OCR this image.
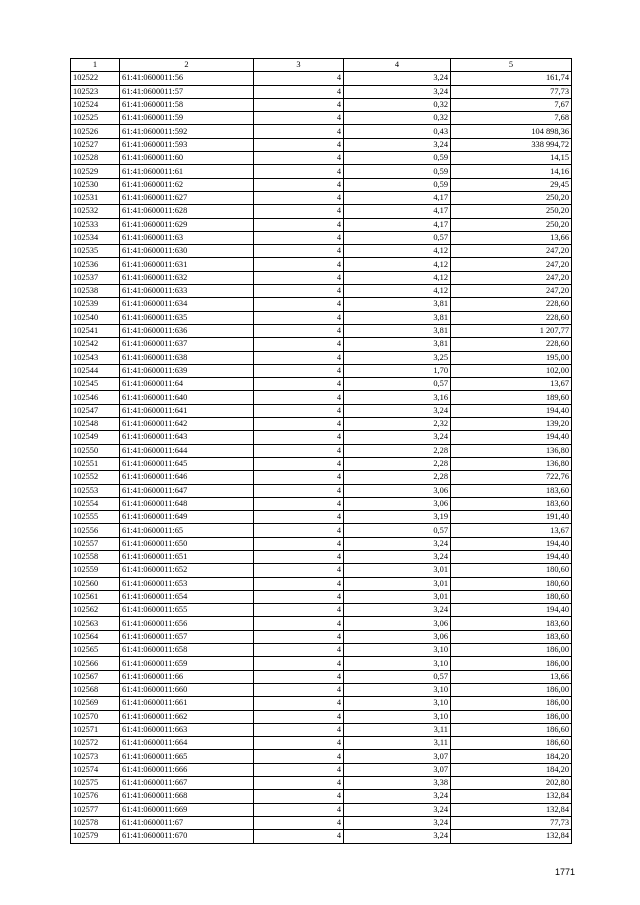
1	2	3	4	5
102522	61:41:0600011:56	4	3,24	161,74
102523	61:41:0600011:57	4	3,24	77,73
102524	61:41:0600011:58	4	0,32	7,67
102525	61:41:0600011:59	4	0,32	7,68
102526	61:41:0600011:592	4	0,43	104 898,36
102527	61:41:0600011:593	4	3,24	338 994,72
102528	61:41:0600011:60	4	0,59	14,15
102529	61:41:0600011:61	4	0,59	14,16
102530	61:41:0600011:62	4	0,59	29,45
102531	61:41:0600011:627	4	4,17	250,20
102532	61:41:0600011:628	4	4,17	250,20
102533	61:41:0600011:629	4	4,17	250,20
102534	61:41:0600011:63	4	0,57	13,66
102535	61:41:0600011:630	4	4,12	247,20
102536	61:41:0600011:631	4	4,12	247,20
102537	61:41:0600011:632	4	4,12	247,20
102538	61:41:0600011:633	4	4,12	247,20
102539	61:41:0600011:634	4	3,81	228,60
102540	61:41:0600011:635	4	3,81	228,60
102541	61:41:0600011:636	4	3,81	1 207,77
102542	61:41:0600011:637	4	3,81	228,60
102543	61:41:0600011:638	4	3,25	195,00
102544	61:41:0600011:639	4	1,70	102,00
102545	61:41:0600011:64	4	0,57	13,67
102546	61:41:0600011:640	4	3,16	189,60
102547	61:41:0600011:641	4	3,24	194,40
102548	61:41:0600011:642	4	2,32	139,20
102549	61:41:0600011:643	4	3,24	194,40
102550	61:41:0600011:644	4	2,28	136,80
102551	61:41:0600011:645	4	2,28	136,80
102552	61:41:0600011:646	4	2,28	722,76
102553	61:41:0600011:647	4	3,06	183,60
102554	61:41:0600011:648	4	3,06	183,60
102555	61:41:0600011:649	4	3,19	191,40
102556	61:41:0600011:65	4	0,57	13,67
102557	61:41:0600011:650	4	3,24	194,40
102558	61:41:0600011:651	4	3,24	194,40
102559	61:41:0600011:652	4	3,01	180,60
102560	61:41:0600011:653	4	3,01	180,60
102561	61:41:0600011:654	4	3,01	180,60
102562	61:41:0600011:655	4	3,24	194,40
102563	61:41:0600011:656	4	3,06	183,60
102564	61:41:0600011:657	4	3,06	183,60
102565	61:41:0600011:658	4	3,10	186,00
102566	61:41:0600011:659	4	3,10	186,00
102567	61:41:0600011:66	4	0,57	13,66
102568	61:41:0600011:660	4	3,10	186,00
102569	61:41:0600011:661	4	3,10	186,00
102570	61:41:0600011:662	4	3,10	186,00
102571	61:41:0600011:663	4	3,11	186,60
102572	61:41:0600011:664	4	3,11	186,60
102573	61:41:0600011:665	4	3,07	184,20
102574	61:41:0600011:666	4	3,07	184,20
102575	61:41:0600011:667	4	3,38	202,80
102576	61:41:0600011:668	4	3,24	132,84
102577	61:41:0600011:669	4	3,24	132,84
102578	61:41:0600011:67	4	3,24	77,73
102579	61:41:0600011:670	4	3,24	132,84
1771
